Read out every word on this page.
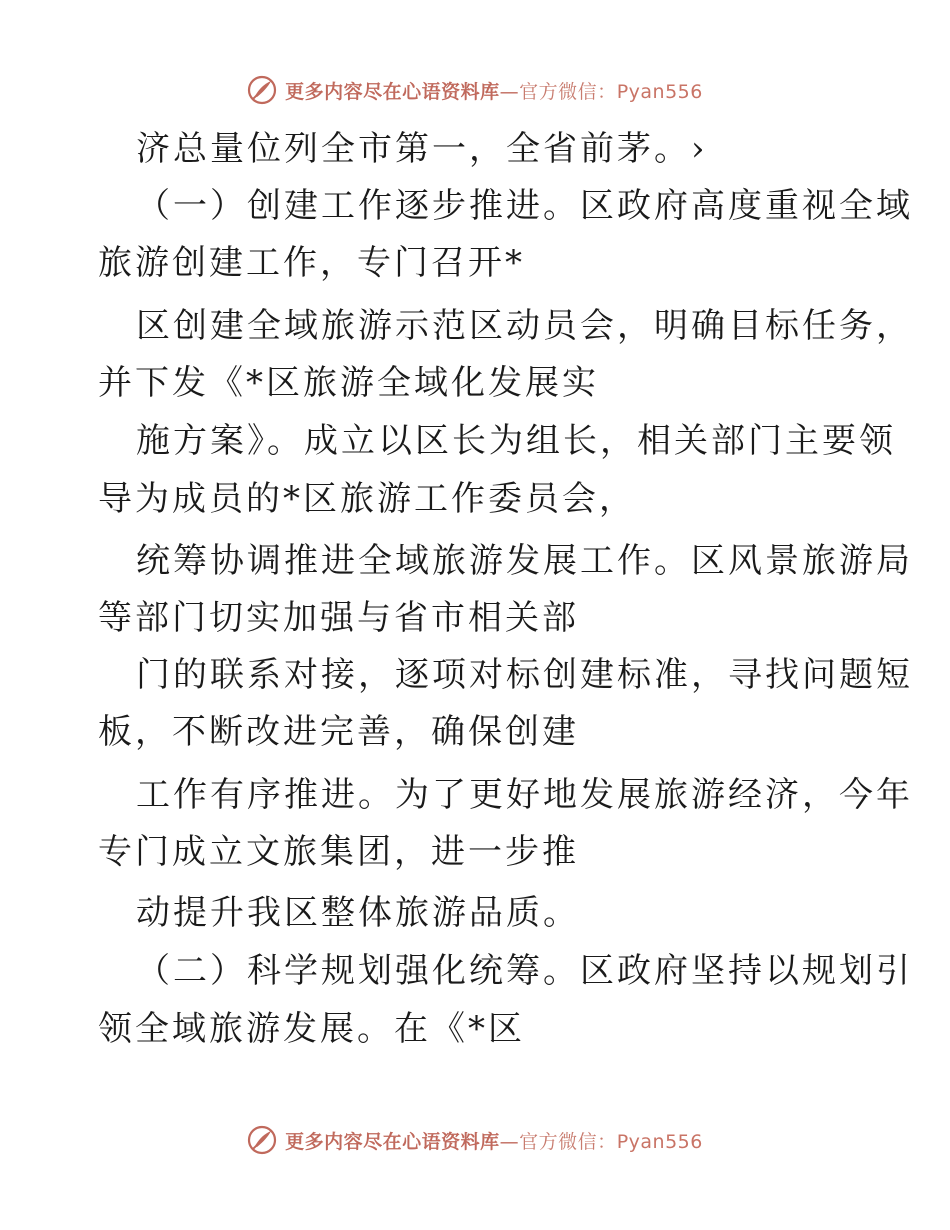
更多内容尽在心语资料库—官方微信：Pyan556
济总量位列全市第一，全省前茅。›
（一）创建工作逐步推进。区政府高度重视全域
旅游创建工作，专门召开*
区创建全域旅游示范区动员会，明确目标任务，
并下发《*区旅游全域化发展实
施方案》。成立以区长为组长，相关部门主要领
导为成员的*区旅游工作委员会，
统筹协调推进全域旅游发展工作。区风景旅游局
等部门切实加强与省市相关部
门的联系对接，逐项对标创建标准，寻找问题短
板，不断改进完善，确保创建
工作有序推进。为了更好地发展旅游经济，今年
专门成立文旅集团，进一步推
动提升我区整体旅游品质。
（二）科学规划强化统筹。区政府坚持以规划引
领全域旅游发展。在《*区
更多内容尽在心语资料库—官方微信：Pyan556
